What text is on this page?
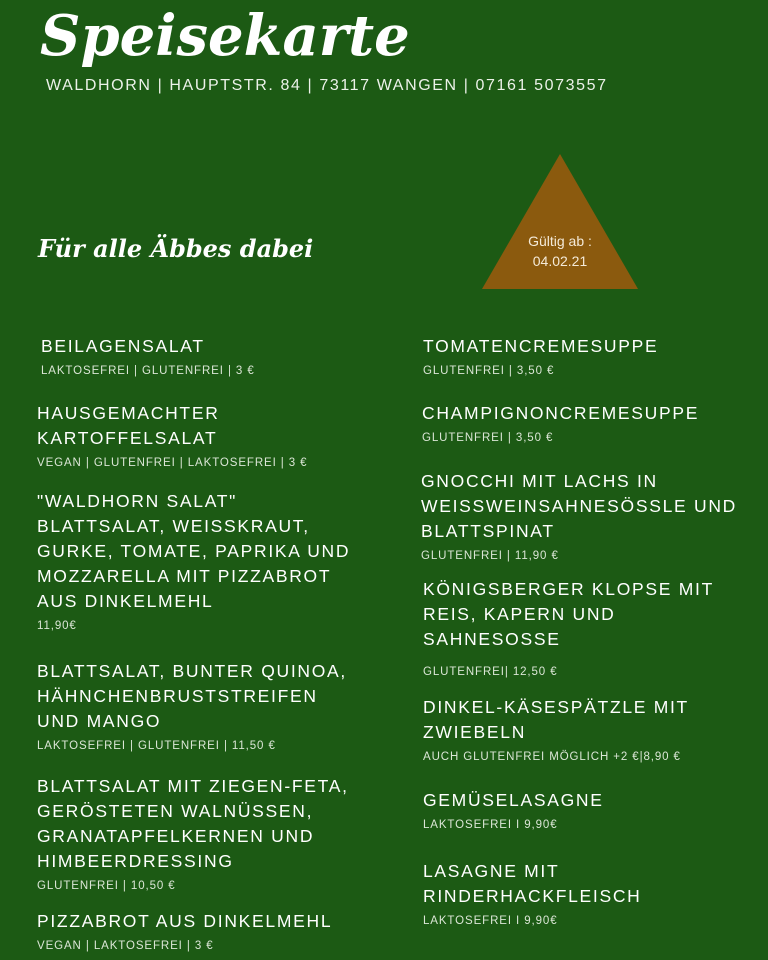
Speisekarte
WALDHORN | HAUPTSTR. 84 | 73117 WANGEN | 07161 5073557
Für alle Äbbes dabei	Gültig ab :
04.02.21
BEILAGENSALAT
LAKTOSEFREI | GLUTENFREI | 3 €
HAUSGEMACHTER
KARTOFFELSALAT
VEGAN | GLUTENFREI | LAKTOSEFREI | 3 €
"WALDHORN SALAT"
BLATTSALAT, WEISSKRAUT,
GURKE, TOMATE, PAPRIKA UND
MOZZARELLA MIT PIZZABROT
AUS DINKELMEHL
11,90€
BLATTSALAT, BUNTER QUINOA,
HÄHNCHENBRUSTSTREIFEN
UND MANGO
LAKTOSEFREI | GLUTENFREI | 11,50 €
BLATTSALAT MIT ZIEGEN-FETA,
GERÖSTETEN WALNÜSSEN,
GRANATAPFELKERNEN UND
HIMBEERDRESSING
GLUTENFREI | 10,50 €
PIZZABROT AUS DINKELMEHL
VEGAN | LAKTOSEFREI | 3 €
TOMATENCREMESUPPE
GLUTENFREI | 3,50 €
CHAMPIGNONCREMESUPPE
GLUTENFREI | 3,50 €
GNOCCHI MIT LACHS IN
WEISSWEINSAHNESÖSSLE UND
BLATTSPINAT
GLUTENFREI | 11,90 €
KÖNIGSBERGER KLOPSE MIT
REIS, KAPERN UND
SAHNESOSSE
GLUTENFREI| 12,50 €
DINKEL-KÄSESPÄTZLE MIT
ZWIEBELN
AUCH GLUTENFREI MÖGLICH +2 €|8,90 €
GEMÜSELASAGNE
LAKTOSEFREI I 9,90€
LASAGNE MIT
RINDERHACKFLEISCH
LAKTOSEFREI I 9,90€
